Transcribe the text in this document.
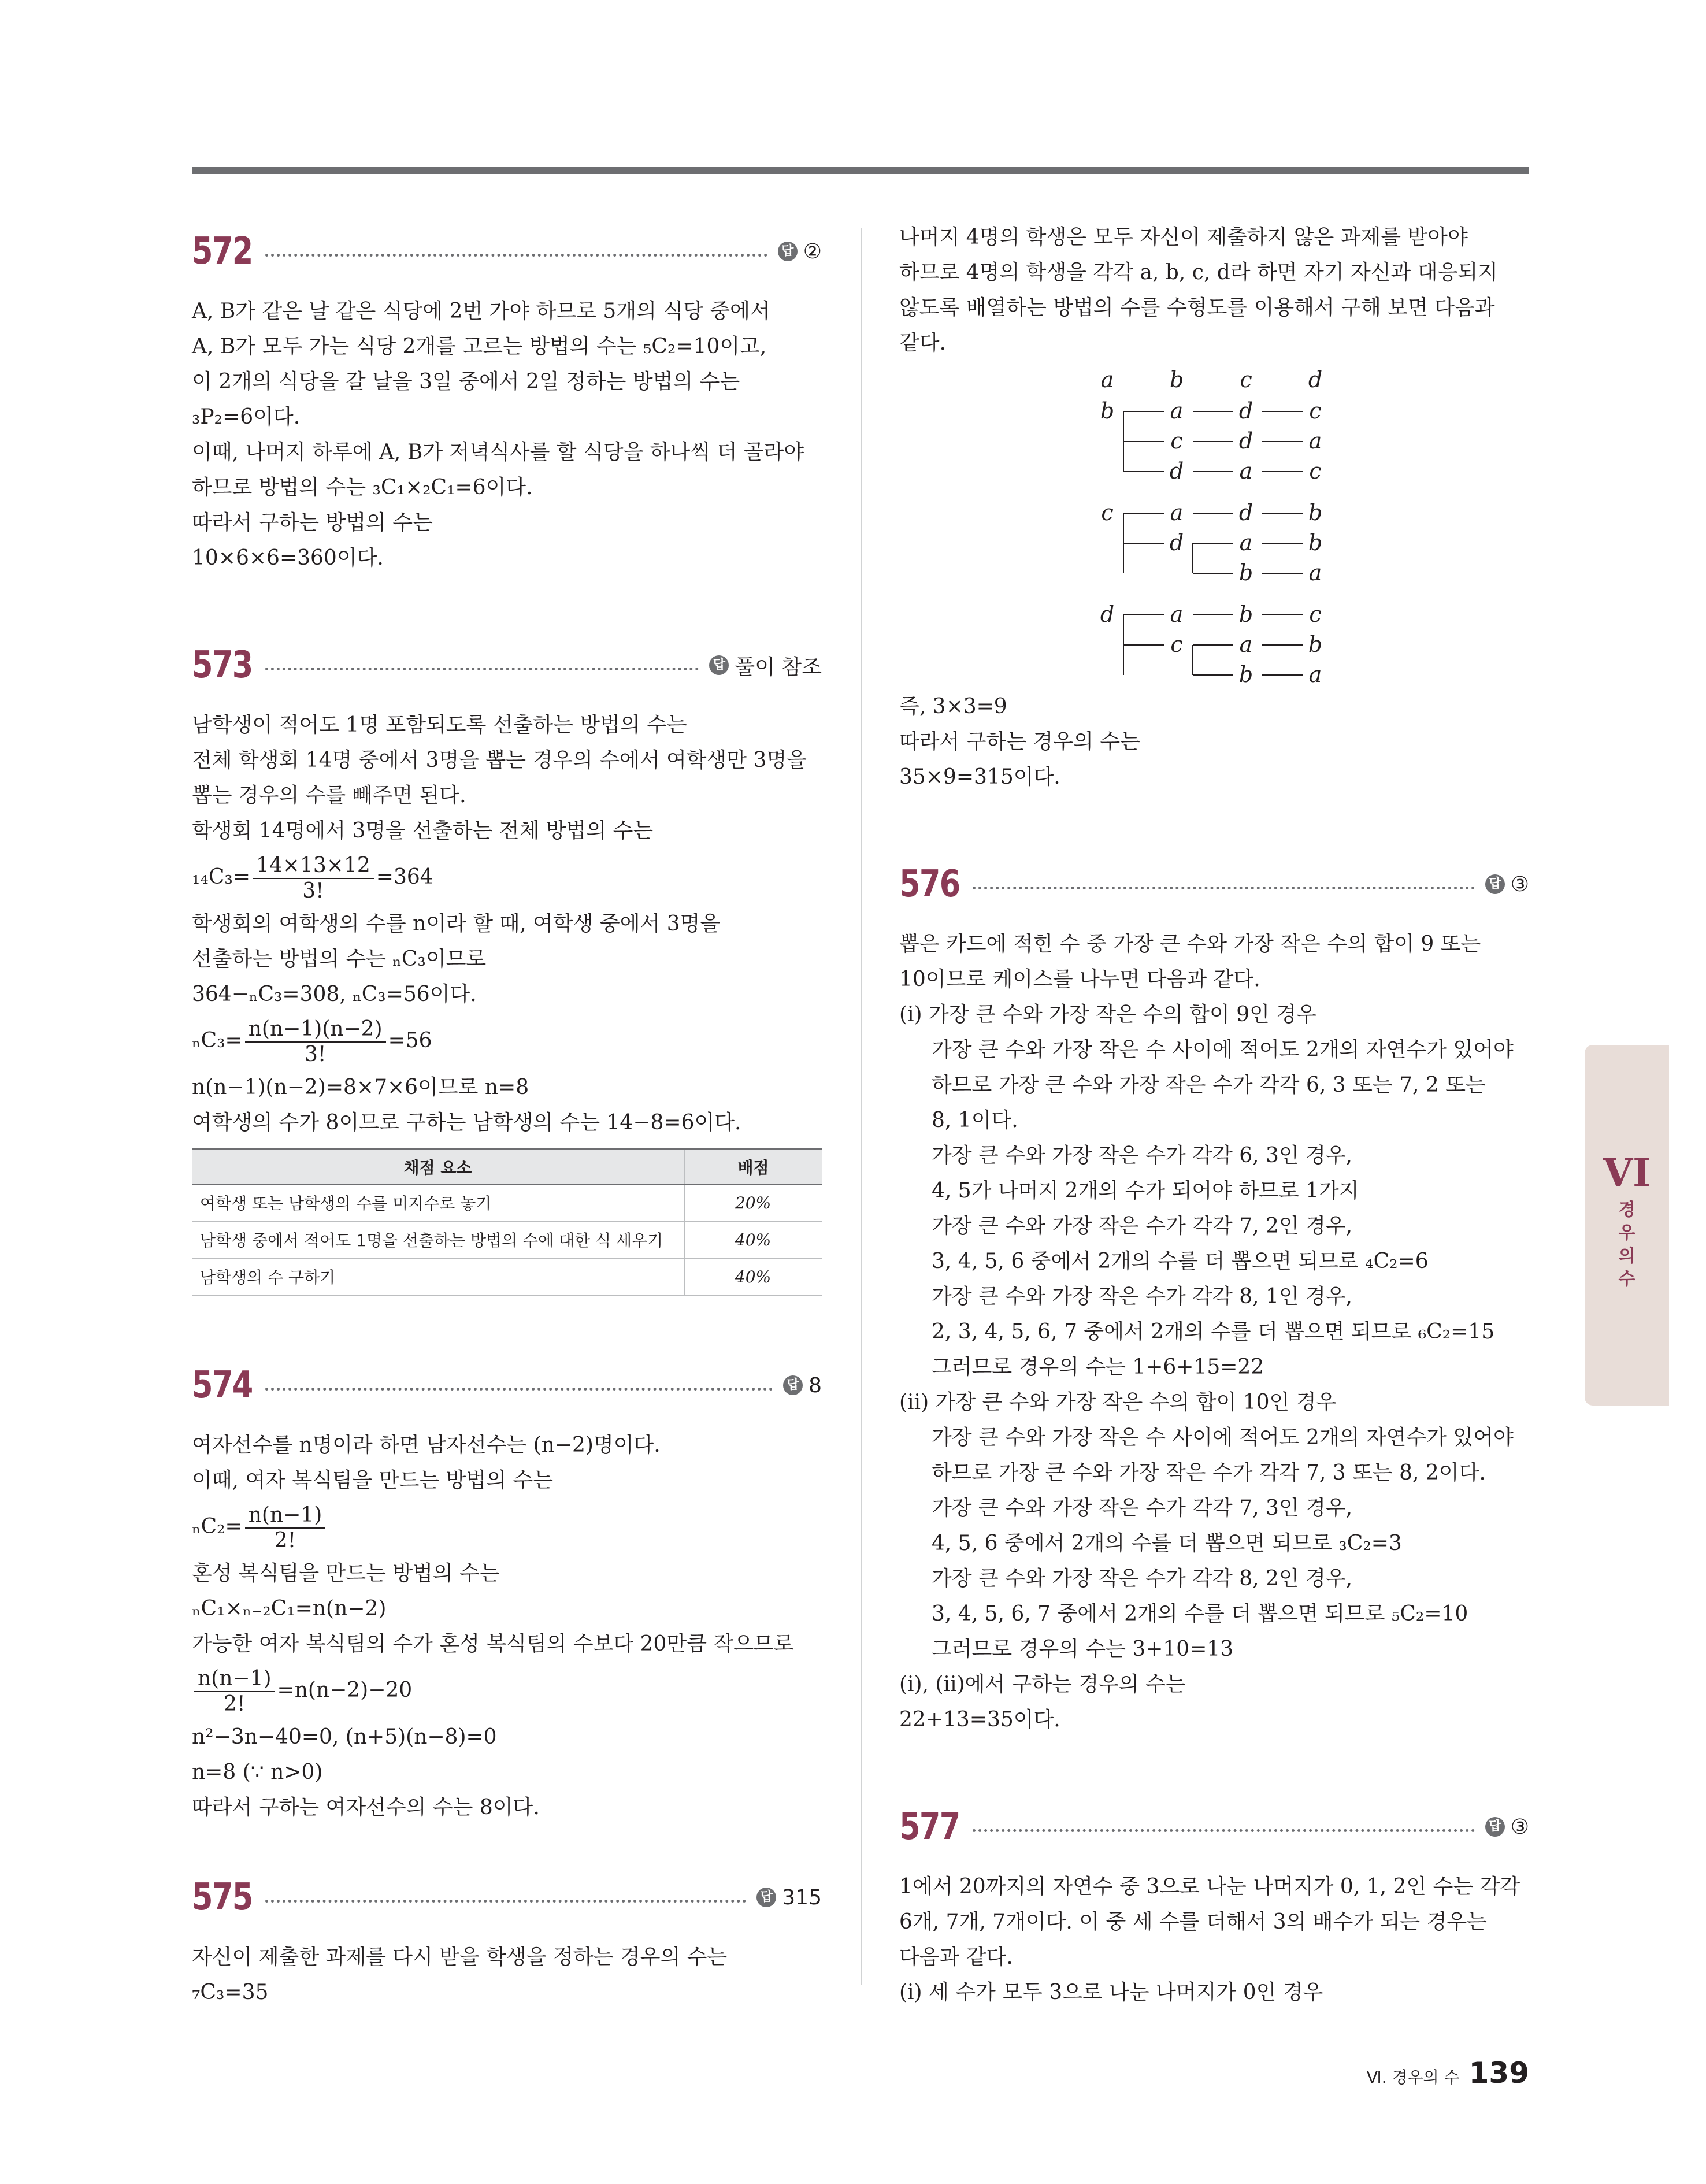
572	답 ②
A, B가 같은 날 같은 식당에 2번 가야 하므로 5개의 식당 중에서
A, B가 모두 가는 식당 2개를 고르는 방법의 수는 ₅C₂=10이고,
이 2개의 식당을 갈 날을 3일 중에서 2일 정하는 방법의 수는
₃P₂=6이다.
이때, 나머지 하루에 A, B가 저녁식사를 할 식당을 하나씩 더 골라야
하므로 방법의 수는 ₃C₁×₂C₁=6이다.
따라서 구하는 방법의 수는
10×6×6=360이다.
573	답 풀이 참조
남학생이 적어도 1명 포함되도록 선출하는 방법의 수는
전체 학생회 14명 중에서 3명을 뽑는 경우의 수에서 여학생만 3명을
뽑는 경우의 수를 빼주면 된다.
학생회 14명에서 3명을 선출하는 전체 방법의 수는
$_{14}C_3= \frac{14\times 13\times 12}{3!} =364$
학생회의 여학생의 수를 n이라 할 때, 여학생 중에서 3명을
선출하는 방법의 수는 ₙC₃이므로
364−ₙC₃=308, ₙC₃=56이다.
$_nC_3= \frac{n(n-1)(n-2)}{3!} =56$
n(n−1)(n−2)=8×7×6이므로 n=8
여학생의 수가 8이므로 구하는 남학생의 수는 14−8=6이다.
채점 요소	배점
여학생 또는 남학생의 수를 미지수로 놓기	20%
남학생 중에서 적어도 1명을 선출하는 방법의 수에 대한 식 세우기	40%
남학생의 수 구하기	40%
574	답 8
여자선수를 n명이라 하면 남자선수는 (n−2)명이다.
이때, 여자 복식팀을 만드는 방법의 수는
$_nC_2= \frac{n(n-1)}{2!}$
혼성 복식팀을 만드는 방법의 수는
ₙC₁×ₙ₋₂C₁=n(n−2)
가능한 여자 복식팀의 수가 혼성 복식팀의 수보다 20만큼 작으므로
$\frac{n(n-1)}{2!} =n(n-2)-20$
n²−3n−40=0, (n+5)(n−8)=0
n=8 (∵ n>0)
따라서 구하는 여자선수의 수는 8이다.
575	답 315
자신이 제출한 과제를 다시 받을 학생을 정하는 경우의 수는
₇C₃=35
나머지 4명의 학생은 모두 자신이 제출하지 않은 과제를 받아야
하므로 4명의 학생을 각각 a, b, c, d라 하면 자기 자신과 대응되지
않도록 배열하는 방법의 수를 수형도를 이용해서 구해 보면 다음과
같다.
a	b	c	d
b	a	d	c
c	d	a
d	a	c
c	a	d	b
d	a	b
b	a
d	a	b	c
c	a	b
b	a
즉, 3×3=9
따라서 구하는 경우의 수는
35×9=315이다.
576	답 ③
뽑은 카드에 적힌 수 중 가장 큰 수와 가장 작은 수의 합이 9 또는
10이므로 케이스를 나누면 다음과 같다.
(ⅰ) 가장 큰 수와 가장 작은 수의 합이 9인 경우
가장 큰 수와 가장 작은 수 사이에 적어도 2개의 자연수가 있어야
하므로 가장 큰 수와 가장 작은 수가 각각 6, 3 또는 7, 2 또는
8, 1이다.
가장 큰 수와 가장 작은 수가 각각 6, 3인 경우,
4, 5가 나머지 2개의 수가 되어야 하므로 1가지
가장 큰 수와 가장 작은 수가 각각 7, 2인 경우,
3, 4, 5, 6 중에서 2개의 수를 더 뽑으면 되므로 ₄C₂=6
가장 큰 수와 가장 작은 수가 각각 8, 1인 경우,
2, 3, 4, 5, 6, 7 중에서 2개의 수를 더 뽑으면 되므로 ₆C₂=15
그러므로 경우의 수는 1+6+15=22
(ⅱ) 가장 큰 수와 가장 작은 수의 합이 10인 경우
가장 큰 수와 가장 작은 수 사이에 적어도 2개의 자연수가 있어야
하므로 가장 큰 수와 가장 작은 수가 각각 7, 3 또는 8, 2이다.
가장 큰 수와 가장 작은 수가 각각 7, 3인 경우,
4, 5, 6 중에서 2개의 수를 더 뽑으면 되므로 ₃C₂=3
가장 큰 수와 가장 작은 수가 각각 8, 2인 경우,
3, 4, 5, 6, 7 중에서 2개의 수를 더 뽑으면 되므로 ₅C₂=10
그러므로 경우의 수는 3+10=13
(ⅰ), (ⅱ)에서 구하는 경우의 수는
22+13=35이다.
577	답 ③
1에서 20까지의 자연수 중 3으로 나눈 나머지가 0, 1, 2인 수는 각각
6개, 7개, 7개이다. 이 중 세 수를 더해서 3의 배수가 되는 경우는
다음과 같다.
(ⅰ) 세 수가 모두 3으로 나눈 나머지가 0인 경우
VI
경
우
의
수
Ⅵ. 경우의 수 139
